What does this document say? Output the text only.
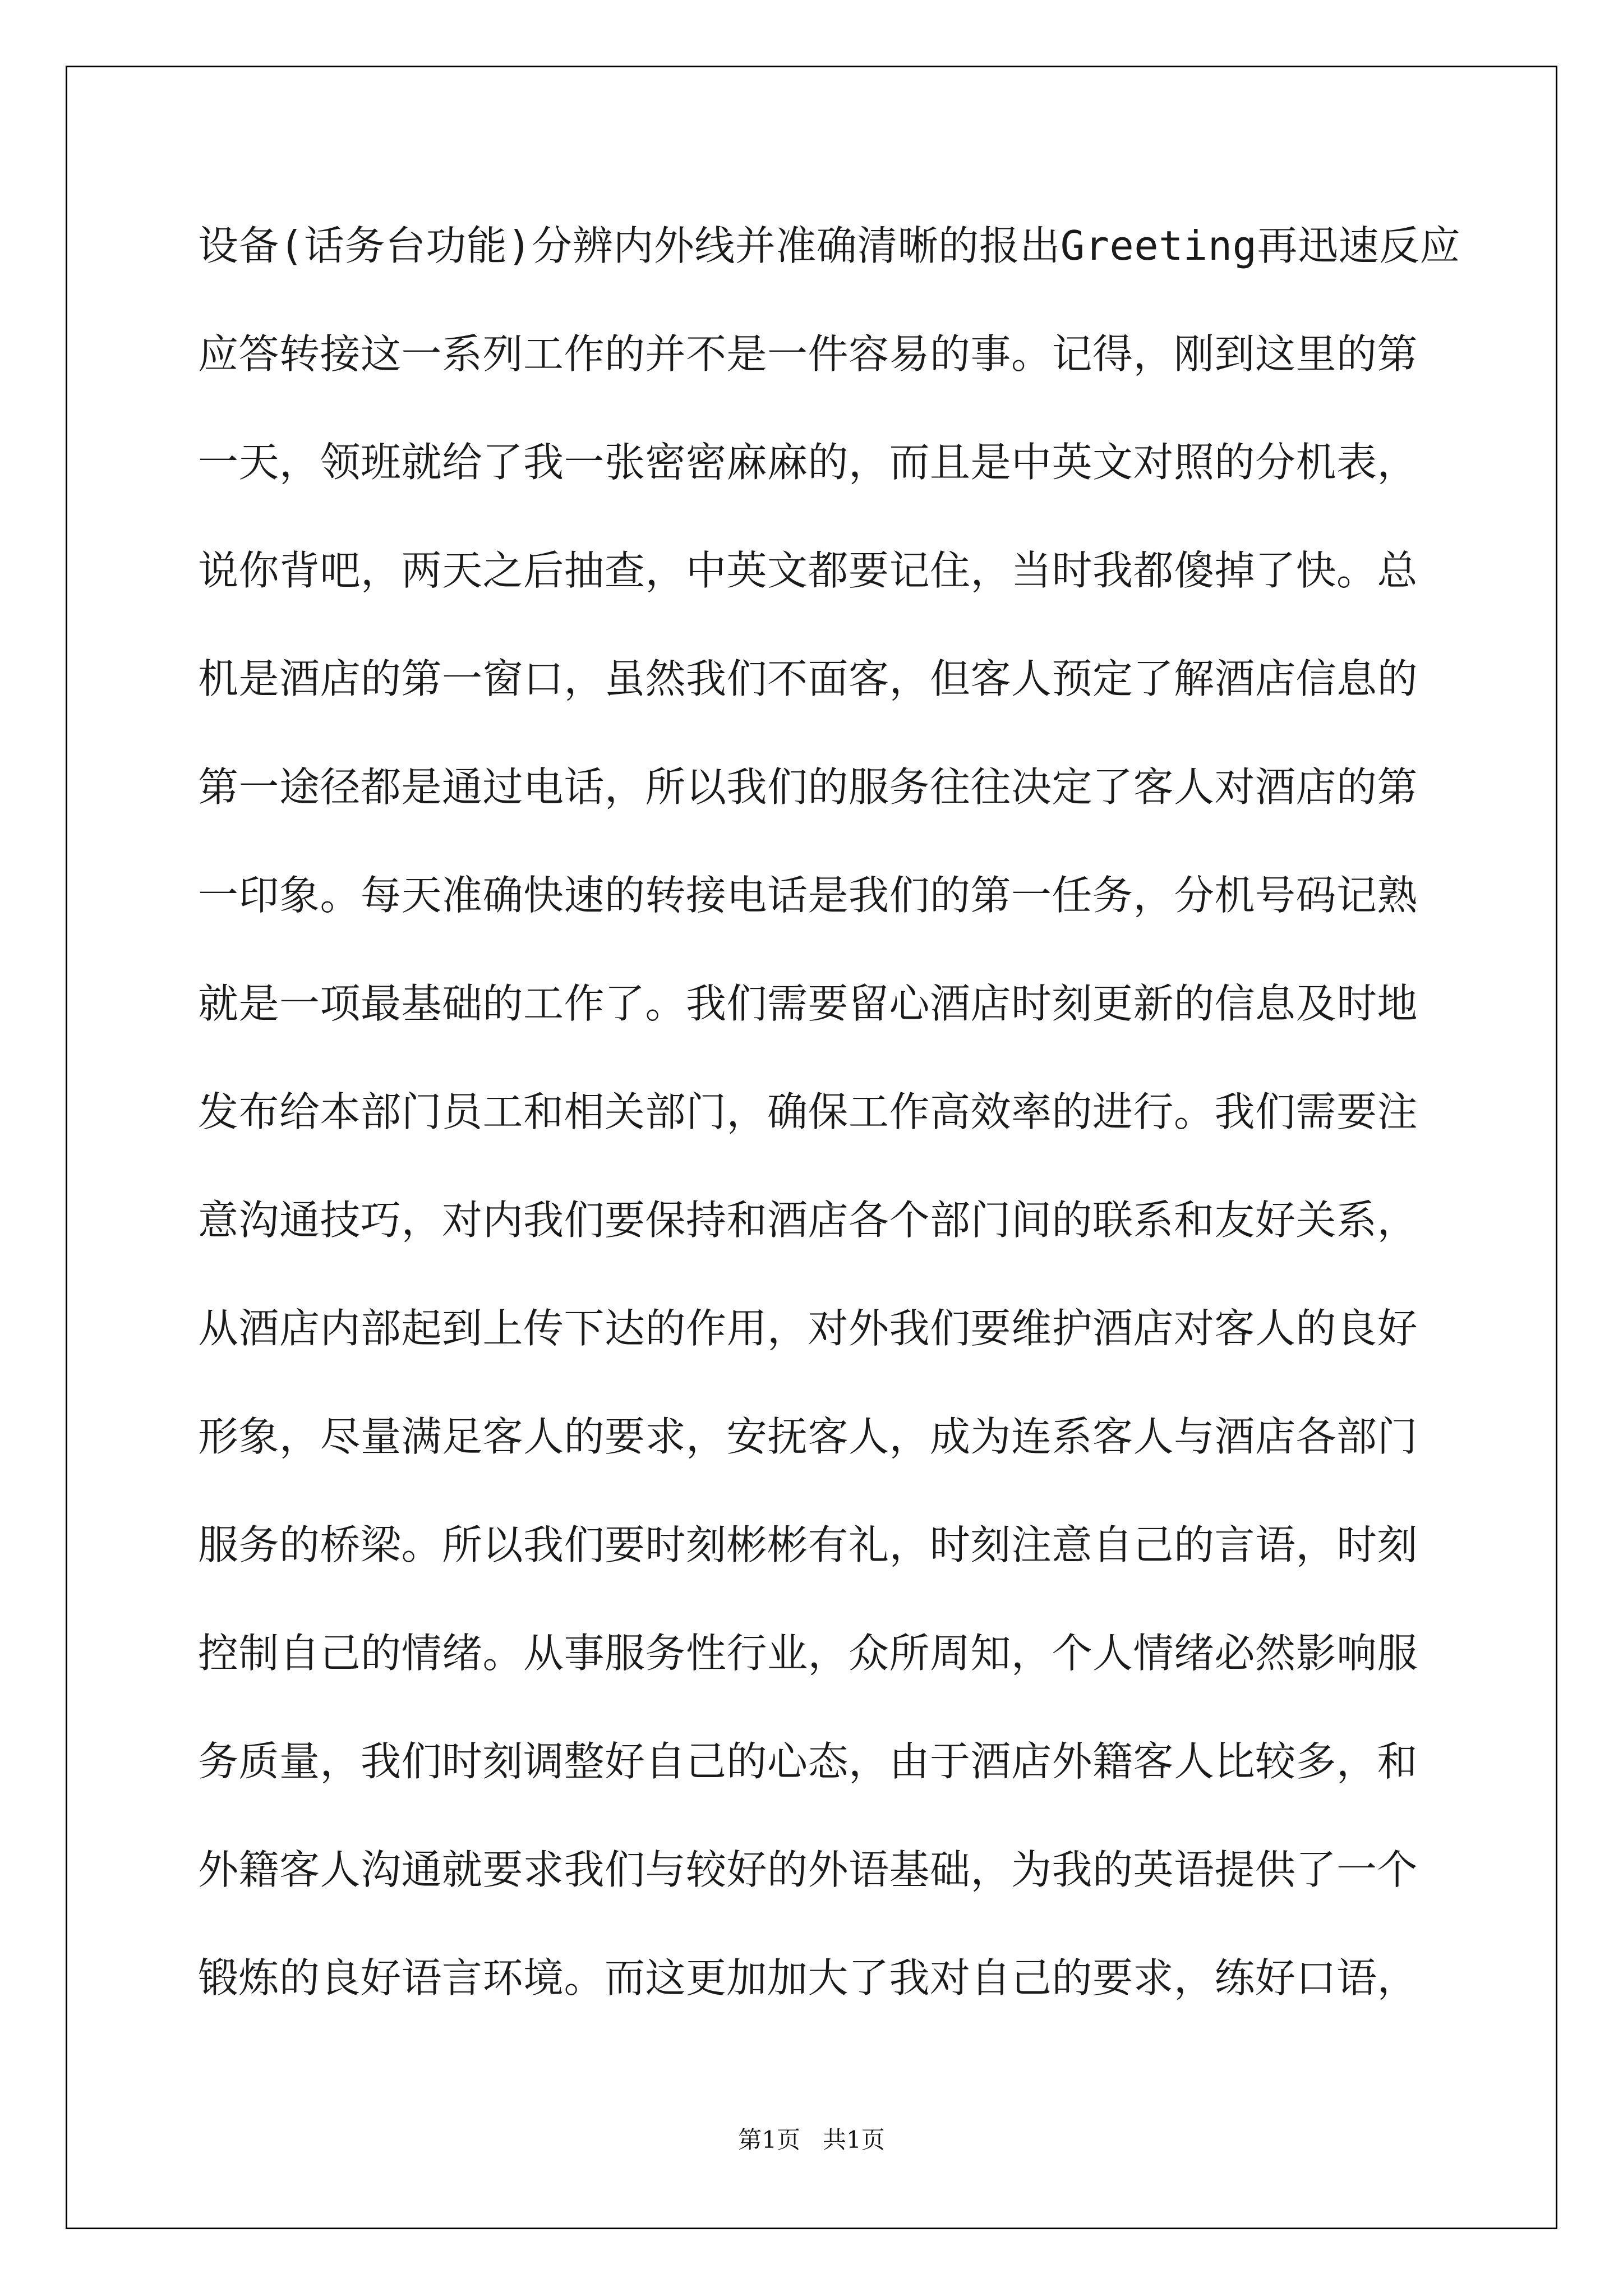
设备(话务台功能)分辨内外线并准确清晰的报出Greeting再迅速反应
应答转接这一系列工作的并不是一件容易的事。记得，刚到这里的第
一天，领班就给了我一张密密麻麻的，而且是中英文对照的分机表，
说你背吧，两天之后抽查，中英文都要记住，当时我都傻掉了快。总
机是酒店的第一窗口，虽然我们不面客，但客人预定了解酒店信息的
第一途径都是通过电话，所以我们的服务往往决定了客人对酒店的第
一印象。每天准确快速的转接电话是我们的第一任务，分机号码记熟
就是一项最基础的工作了。我们需要留心酒店时刻更新的信息及时地
发布给本部门员工和相关部门，确保工作高效率的进行。我们需要注
意沟通技巧，对内我们要保持和酒店各个部门间的联系和友好关系，
从酒店内部起到上传下达的作用，对外我们要维护酒店对客人的良好
形象，尽量满足客人的要求，安抚客人，成为连系客人与酒店各部门
服务的桥梁。所以我们要时刻彬彬有礼，时刻注意自己的言语，时刻
控制自己的情绪。从事服务性行业，众所周知，个人情绪必然影响服
务质量，我们时刻调整好自己的心态，由于酒店外籍客人比较多，和
外籍客人沟通就要求我们与较好的外语基础，为我的英语提供了一个
锻炼的良好语言环境。而这更加加大了我对自己的要求，练好口语，
第1页   共1页
